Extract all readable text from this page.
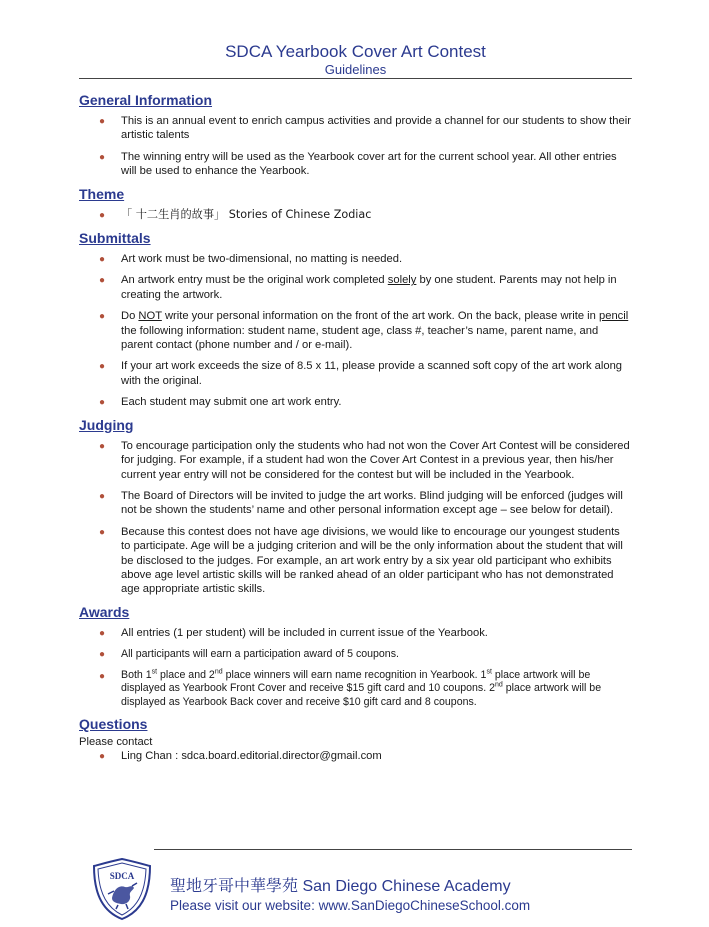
SDCA Yearbook Cover Art Contest
Guidelines
General Information
● This is an annual event to enrich campus activities and provide a channel for our students to show their artistic talents
● The winning entry will be used as the Yearbook cover art for the current school year. All other entries will be used to enhance the Yearbook.
Theme
● 「 十二生肖的故事」 Stories of Chinese Zodiac
Submittals
● Art work must be two-dimensional, no matting is needed.
● An artwork entry must be the original work completed solely by one student. Parents may not help in creating the artwork.
● Do NOT write your personal information on the front of the art work. On the back, please write in pencil the following information: student name, student age, class #, teacher’s name, parent name, and parent contact (phone number and / or e-mail).
● If your art work exceeds the size of 8.5 x 11, please provide a scanned soft copy of the art work along with the original.
● Each student may submit one art work entry.
Judging
● To encourage participation only the students who had not won the Cover Art Contest will be considered for judging. For example, if a student had won the Cover Art Contest in a previous year, then his/her current year entry will not be considered for the contest but will be included in the Yearbook.
● The Board of Directors will be invited to judge the art works. Blind judging will be enforced (judges will not be shown the students’ name and other personal information except age – see below for detail).
● Because this contest does not have age divisions, we would like to encourage our youngest students to participate. Age will be a judging criterion and will be the only information about the student that will be disclosed to the judges. For example, an art work entry by a six year old participant who exhibits above age level artistic skills will be ranked ahead of an older participant who has not demonstrated age appropriate artistic skills.
Awards
● All entries (1 per student) will be included in current issue of the Yearbook.
● All participants will earn a participation award of 5 coupons.
● Both 1st place and 2nd place winners will earn name recognition in Yearbook. 1st place artwork will be displayed as Yearbook Front Cover and receive $15 gift card and 10 coupons. 2nd place artwork will be displayed as Yearbook Back cover and receive $10 gift card and 8 coupons.
Questions
Please contact
● Ling Chan : sdca.board.editorial.director@gmail.com
SDCA 聖地牙哥中華學苑 San Diego Chinese Academy
Please visit our website: www.SanDiegoChineseSchool.com
